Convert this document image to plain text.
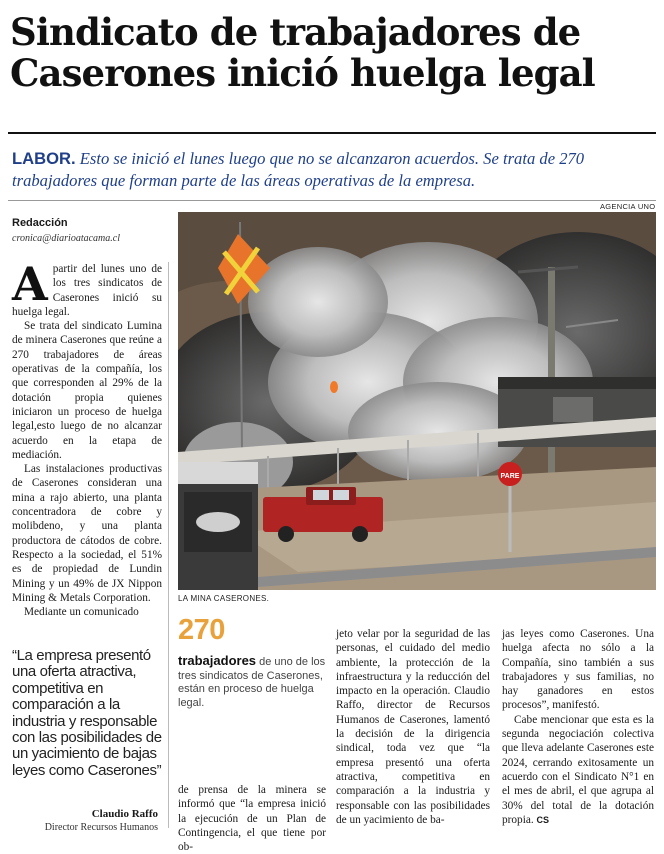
Sindicato de trabajadores de Caserones inició huelga legal
LABOR. Esto se inició el lunes luego que no se alcanzaron acuerdos. Se trata de 270 trabajadores que forman parte de las áreas operativas de la empresa.
Redacción
cronica@diarioatacama.cl
AGENCIA UNO
PARE
LA MINA CASERONES.

Apartir del lunes uno de los tres sindicatos de Caserones inició su huelga legal.

Se trata del sindicato Lumina de minera Caserones que reúne a 270 trabajadores de áreas operativas de la compañía, los que corresponden al 29% de la dotación propia quienes iniciaron un proceso de huelga legal,esto luego de no alcanzar acuerdo en la etapa de mediación.

Las instalaciones productivas de Caserones consideran una mina a rajo abierto, una planta concentradora de cobre y molibdeno, y una planta productora de cátodos de cobre. Respecto a la sociedad, el 51% es de propiedad de Lundin Mining y un 49% de JX Nippon Mining & Metals Corporation.

Mediante un comunicado

“La empresa presentó una oferta atractiva, competitiva en comparación a la industria y responsable con las posibilidades de un yacimiento de bajas leyes como Caserones”
Claudio Raffo
Director Recursos Humanos
270
trabajadores de uno de los tres sindicatos de Caserones, están en proceso de huelga legal.

de prensa de la minera se informó que “la empresa inició la ejecución de un Plan de Contingencia, el que tiene por ob-

jeto velar por la seguridad de las personas, el cuidado del medio ambiente, la protección de la infraestructura y la reducción del impacto en la operación. Claudio Raffo, director de Recursos Humanos de Caserones, lamentó la decisión de la dirigencia sindical, toda vez que “la empresa presentó una oferta atractiva, competitiva en comparación a la industria y responsable con las posibilidades de un yacimiento de ba-

jas leyes como Caserones. Una huelga afecta no sólo a la Compañía, sino también a sus trabajadores y sus familias, no hay ganadores en estos procesos”, manifestó.

Cabe mencionar que esta es la segunda negociación colectiva que lleva adelante Caserones este 2024, cerrando exitosamente un acuerdo con el Sindicato N°1 en el mes de abril, el que agrupa al 30% del total de la dotación propia. CS
